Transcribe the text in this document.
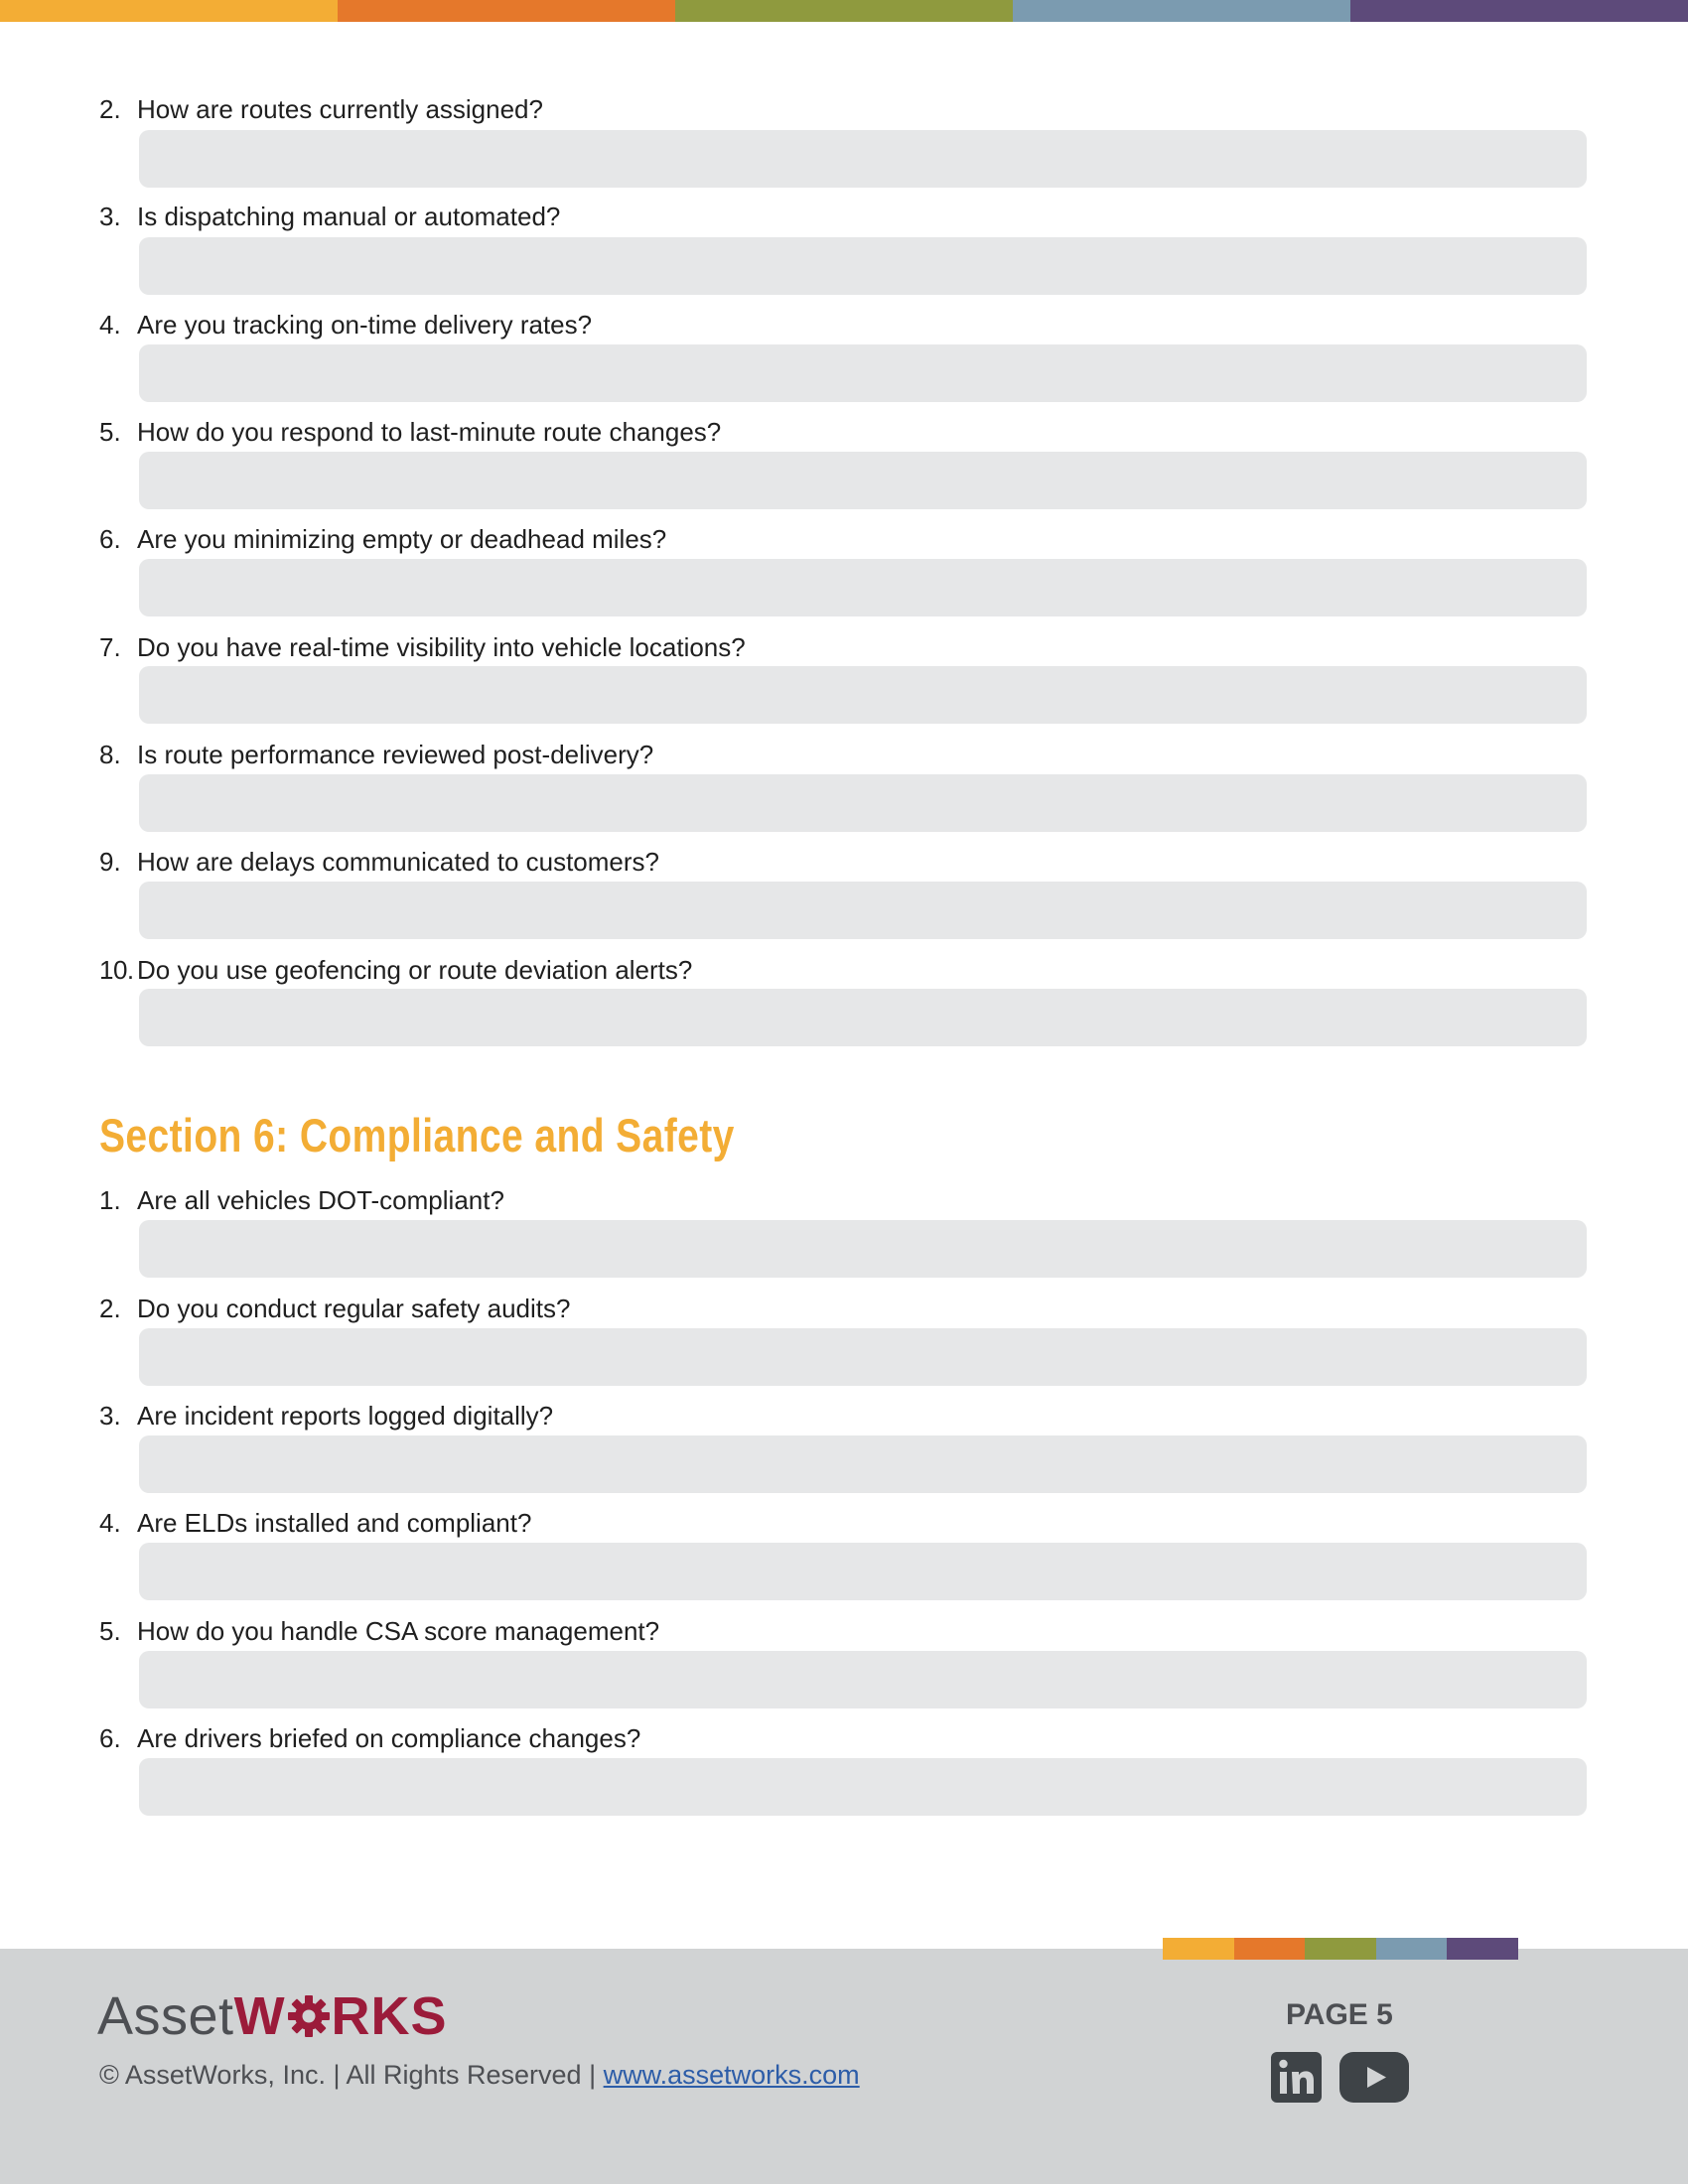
2. How are routes currently assigned?
3. Is dispatching manual or automated?
4. Are you tracking on-time delivery rates?
5. How do you respond to last-minute route changes?
6. Are you minimizing empty or deadhead miles?
7. Do you have real-time visibility into vehicle locations?
8. Is route performance reviewed post-delivery?
9. How are delays communicated to customers?
10. Do you use geofencing or route deviation alerts?
Section 6: Compliance and Safety
1. Are all vehicles DOT-compliant?
2. Do you conduct regular safety audits?
3. Are incident reports logged digitally?
4. Are ELDs installed and compliant?
5. How do you handle CSA score management?
6. Are drivers briefed on compliance changes?
AssetW RKS
© AssetWorks, Inc. | All Rights Reserved | www.assetworks.com
PAGE 5
